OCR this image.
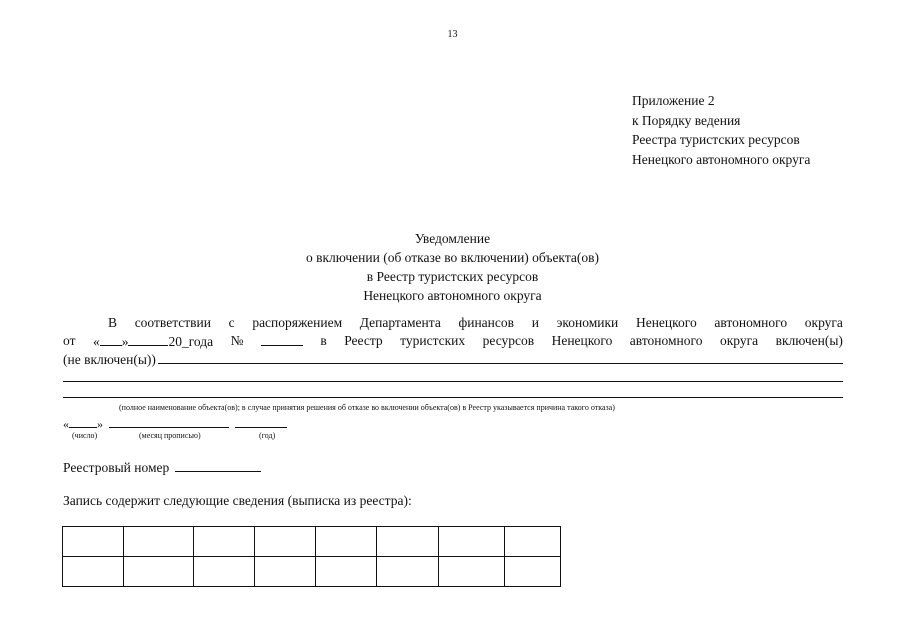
13
Приложение 2
к Порядку ведения
Реестра туристских ресурсов
Ненецкого автономного округа
Уведомление
о включении (об отказе во включении) объекта(ов)
в Реестр туристских ресурсов
Ненецкого автономного округа
В соответствии с распоряжением Департамента финансов и экономики Ненецкого автономного округа
от « »	20_года №	в Реестр туристских ресурсов Ненецкого автономного округа включен(ы)
(не включен(ы))
(полное наименование объекта(ов); в случае принятия решения об отказе во включении объекта(ов) в Реестр указывается причина такого отказа)
« »
(число)	(месяц прописью)	(год)
Реестровый номер
Запись содержит следующие сведения (выписка из реестра):
